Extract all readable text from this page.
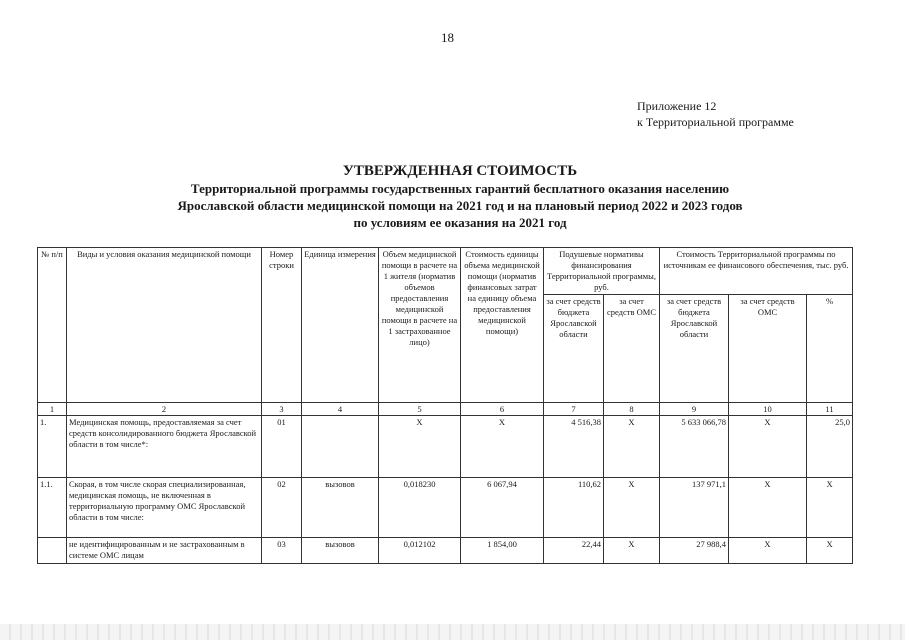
18
Приложение 12
к Территориальной программе
УТВЕРЖДЕННАЯ СТОИМОСТЬ
Территориальной программы государственных гарантий бесплатного оказания населению
Ярославской области медицинской помощи на 2021 год и на плановый период 2022 и 2023 годов
по условиям ее оказания на 2021 год
№ п/п	Виды и условия оказания медицинской помощи	Номер строки	Единица измерения	Объем медицинской помощи в расчете на 1 жителя (норматив объемов предоставления медицинской помощи в расчете на 1 застрахованное лицо)	Стоимость единицы объема медицинской помощи (норматив финансовых затрат на единицу объема предоставления медицинской помощи)	Подушевые нормативы финансирования Территориальной программы, руб.		Стоимость Территориальной программы по источникам ее финансового обеспечения, тыс. руб.		
						за счет средств бюджета Ярославской области	за счет средств ОМС	за счет средств бюджета Ярославской области	за счет средств ОМС	%
1	2	3	4	5	6	7	8	9	10	11
1.	Медицинская помощь, предоставляемая за счет средств консолидированного бюджета Ярославской области в том числе*:	01		X	X	4 516,38	X	5 633 066,78	X	25,0
1.1.	Скорая, в том числе скорая специализированная, медицинская помощь, не включенная в территориальную программу ОМС Ярославской области в том числе:	02	вызовов	0,018230	6 067,94	110,62	X	137 971,1	X	X
	не идентифицированным и не застрахованным в системе ОМС лицам	03	вызовов	0,012102	1 854,00	22,44	X	27 988,4	X	X
